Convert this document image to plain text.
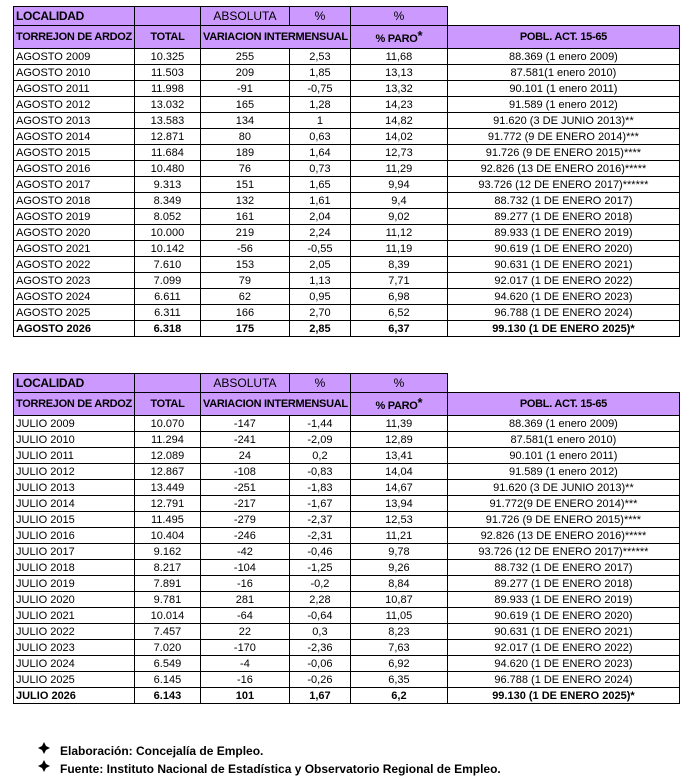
LOCALIDAD		ABSOLUTA	%	%	
TORREJON DE ARDOZ	TOTAL	VARIACION INTERMENSUAL		% PARO*	POBL. ACT. 15-65
AGOSTO 2009	10.325	255	2,53	11,68	88.369 (1 enero 2009)
AGOSTO 2010	11.503	209	1,85	13,13	87.581(1 enero 2010)
AGOSTO 2011	11.998	-91	-0,75	13,32	90.101 (1 enero 2011)
AGOSTO 2012	13.032	165	1,28	14,23	91.589 (1 enero 2012)
AGOSTO 2013	13.583	134	1	14,82	91.620 (3 DE JUNIO 2013)**
AGOSTO 2014	12.871	80	0,63	14,02	91.772 (9 DE ENERO 2014)***
AGOSTO 2015	11.684	189	1,64	12,73	91.726 (9 DE ENERO 2015)****
AGOSTO 2016	10.480	76	0,73	11,29	92.826 (13 DE ENERO 2016)*****
AGOSTO 2017	9.313	151	1,65	9,94	93.726 (12 DE ENERO 2017)******
AGOSTO 2018	8.349	132	1,61	9,4	88.732 (1 DE ENERO 2017)
AGOSTO 2019	8.052	161	2,04	9,02	89.277 (1 DE ENERO 2018)
AGOSTO 2020	10.000	219	2,24	11,12	89.933 (1 DE ENERO 2019)
AGOSTO 2021	10.142	-56	-0,55	11,19	90.619 (1 DE ENERO 2020)
AGOSTO 2022	7.610	153	2,05	8,39	90.631 (1 DE ENERO 2021)
AGOSTO 2023	7.099	79	1,13	7,71	92.017 (1 DE ENERO 2022)
AGOSTO 2024	6.611	62	0,95	6,98	94.620 (1 DE ENERO 2023)
AGOSTO 2025	6.311	166	2,70	6,52	96.788 (1 DE ENERO 2024)
AGOSTO 2026	6.318	175	2,85	6,37	99.130 (1 DE ENERO 2025)*
LOCALIDAD		ABSOLUTA	%	%	
TORREJON DE ARDOZ	TOTAL	VARIACION INTERMENSUAL		% PARO*	POBL. ACT. 15-65
JULIO 2009	10.070	-147	-1,44	11,39	88.369 (1 enero 2009)
JULIO 2010	11.294	-241	-2,09	12,89	87.581(1 enero 2010)
JULIO 2011	12.089	24	0,2	13,41	90.101 (1 enero 2011)
JULIO 2012	12.867	-108	-0,83	14,04	91.589 (1 enero 2012)
JULIO 2013	13.449	-251	-1,83	14,67	91.620 (3 DE JUNIO 2013)**
JULIO 2014	12.791	-217	-1,67	13,94	91.772(9 DE ENERO 2014)***
JULIO 2015	11.495	-279	-2,37	12,53	91.726 (9 DE ENERO 2015)****
JULIO 2016	10.404	-246	-2,31	11,21	92.826 (13 DE ENERO 2016)*****
JULIO 2017	9.162	-42	-0,46	9,78	93.726 (12 DE ENERO 2017)******
JULIO 2018	8.217	-104	-1,25	9,26	88.732 (1 DE ENERO 2017)
JULIO 2019	7.891	-16	-0,2	8,84	89.277 (1 DE ENERO 2018)
JULIO 2020	9.781	281	2,28	10,87	89.933 (1 DE ENERO 2019)
JULIO 2021	10.014	-64	-0,64	11,05	90.619 (1 DE ENERO 2020)
JULIO 2022	7.457	22	0,3	8,23	90.631 (1 DE ENERO 2021)
JULIO 2023	7.020	-170	-2,36	7,63	92.017 (1 DE ENERO 2022)
JULIO 2024	6.549	-4	-0,06	6,92	94.620 (1 DE ENERO 2023)
JULIO 2025	6.145	-16	-0,26	6,35	96.788 (1 DE ENERO 2024)
JULIO 2026	6.143	101	1,67	6,2	99.130 (1 DE ENERO 2025)*
Elaboración: Concejalía de Empleo.
Fuente: Instituto Nacional de Estadística y Observatorio Regional de Empleo.
